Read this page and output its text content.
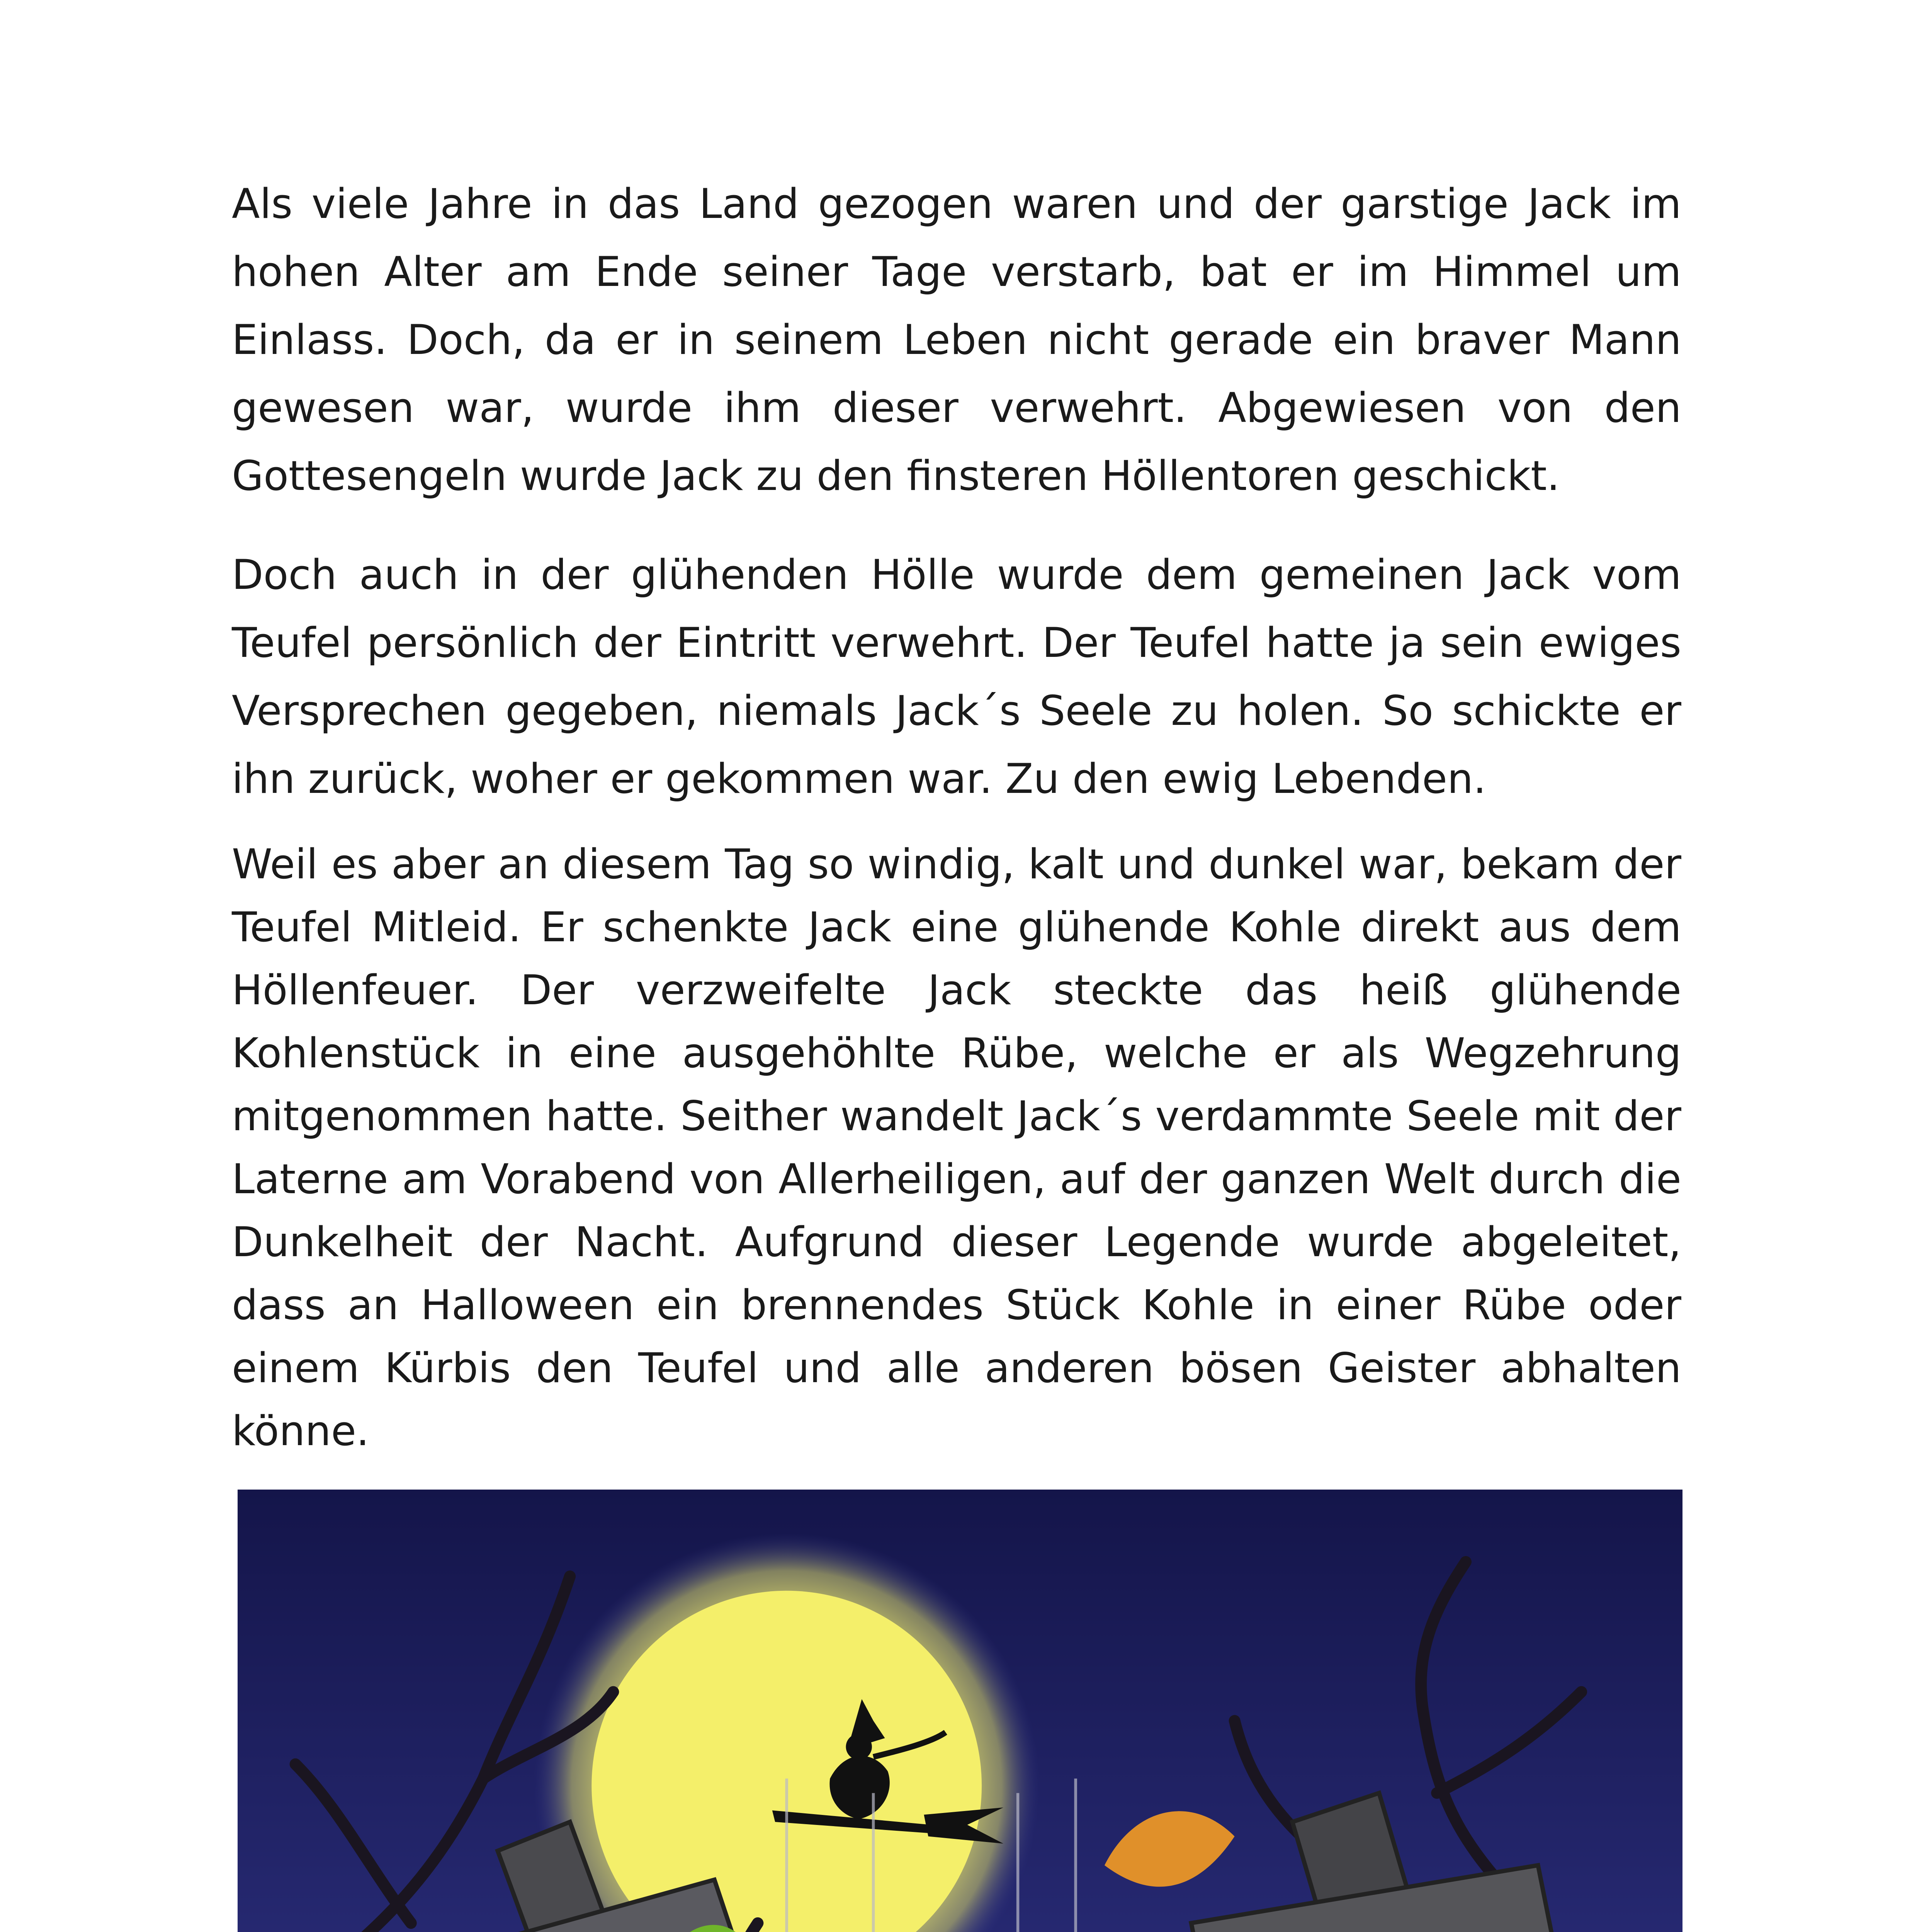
Als viele Jahre in das Land gezogen waren und der garstige Jack im hohen Alter am Ende seiner Tage verstarb, bat er im Himmel um Einlass. Doch, da er in seinem Leben nicht gerade ein braver Mann gewesen war, wurde ihm dieser verwehrt. Abgewiesen von den Gottesengeln wurde Jack zu den finsteren Höllentoren geschickt.

Doch auch in der glühenden Hölle wurde dem gemeinen Jack vom Teufel persönlich der Eintritt verwehrt. Der Teufel hatte ja sein ewiges Versprechen gegeben, niemals Jack´s Seele zu holen. So schickte er ihn zurück, woher er gekommen war. Zu den ewig Lebenden.

Weil es aber an diesem Tag so windig, kalt und dunkel war, bekam der Teufel Mitleid. Er schenkte Jack eine glühende Kohle direkt aus dem Höllenfeuer. Der verzweifelte Jack steckte das heiß glühende Kohlenstück in eine ausgehöhlte Rübe, welche er als Wegzehrung mitgenommen hatte. Seither wandelt Jack´s verdammte Seele mit der Laterne am Vorabend von Allerheiligen, auf der ganzen Welt durch die Dunkelheit der Nacht. Aufgrund dieser Legende wurde abgeleitet, dass an Halloween ein brennendes Stück Kohle in einer Rübe oder einem Kürbis den Teufel und alle anderen bösen Geister abhalten könne.
